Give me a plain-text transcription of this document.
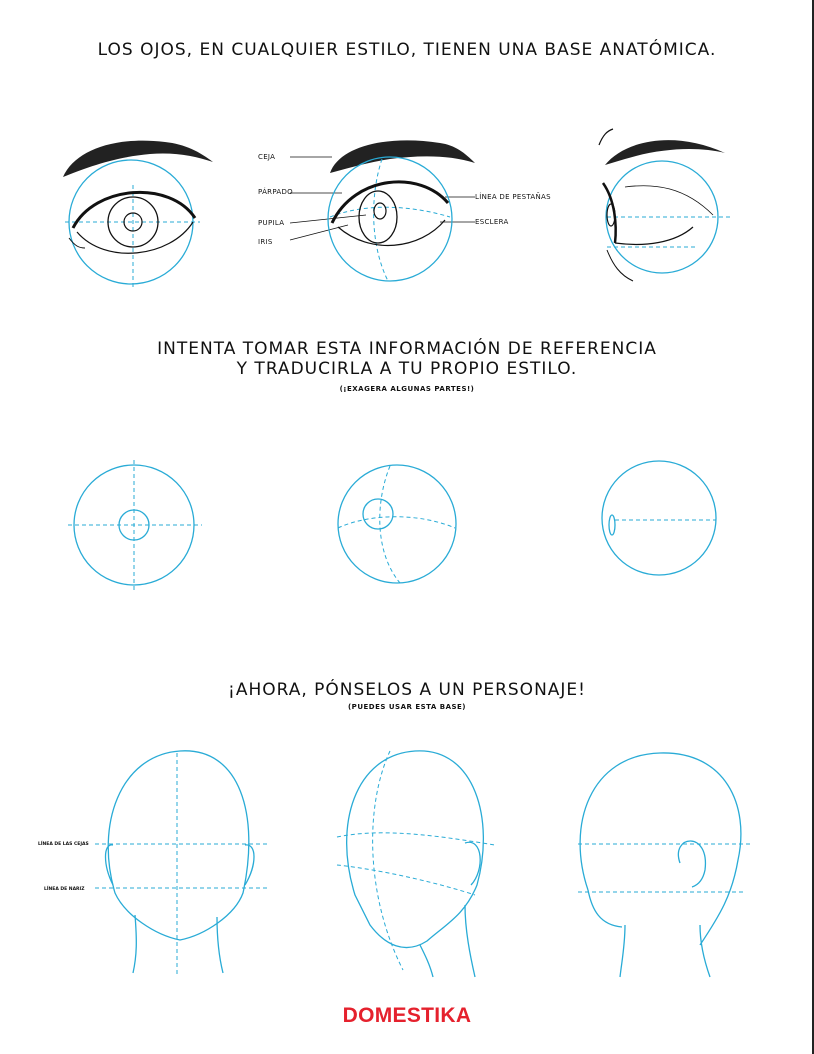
LOS OJOS, EN CUALQUIER ESTILO, TIENEN UNA BASE ANATÓMICA.
CEJA
PÁRPADO
PUPILA
IRIS
LÍNEA DE PESTAÑAS
ESCLERA
INTENTA TOMAR ESTA INFORMACIÓN DE REFERENCIA
Y TRADUCIRLA A TU PROPIO ESTILO.
(¡EXAGERA ALGUNAS PARTES!)
¡AHORA, PÓNSELOS A UN PERSONAJE!
(PUEDES USAR ESTA BASE)
LÍNEA DE LAS CEJAS
LÍNEA DE NARIZ
DOMESTIKA
